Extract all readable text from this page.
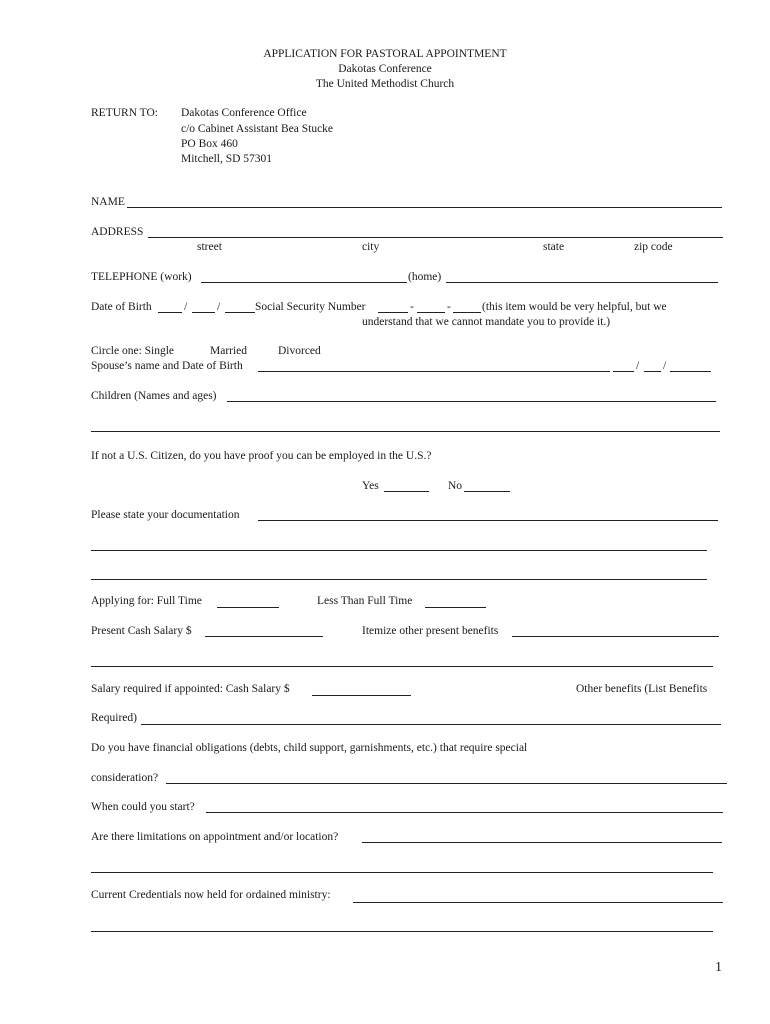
APPLICATION FOR PASTORAL APPOINTMENT
Dakotas Conference
The United Methodist Church
RETURN TO: Dakotas Conference Office
c/o Cabinet Assistant Bea Stucke
PO Box 460
Mitchell, SD 57301
NAME
ADDRESS
street	city	state	zip code
TELEPHONE (work)	(home)
Date of Birth	/	/	Social Security Number	-	-	(this item would be very helpful, but we
understand that we cannot mandate you to provide it.)
Circle one: Single	Married	Divorced
Spouse’s name and Date of Birth	/ /
Children (Names and ages)
If not a U.S. Citizen, do you have proof you can be employed in the U.S.?
Yes	No
Please state your documentation
Applying for: Full Time	Less Than Full Time
Present Cash Salary $	Itemize other present benefits
Salary required if appointed: Cash Salary $	Other benefits (List Benefits
Required)
Do you have financial obligations (debts, child support, garnishments, etc.) that require special
consideration?
When could you start?
Are there limitations on appointment and/or location?
Current Credentials now held for ordained ministry:
1
